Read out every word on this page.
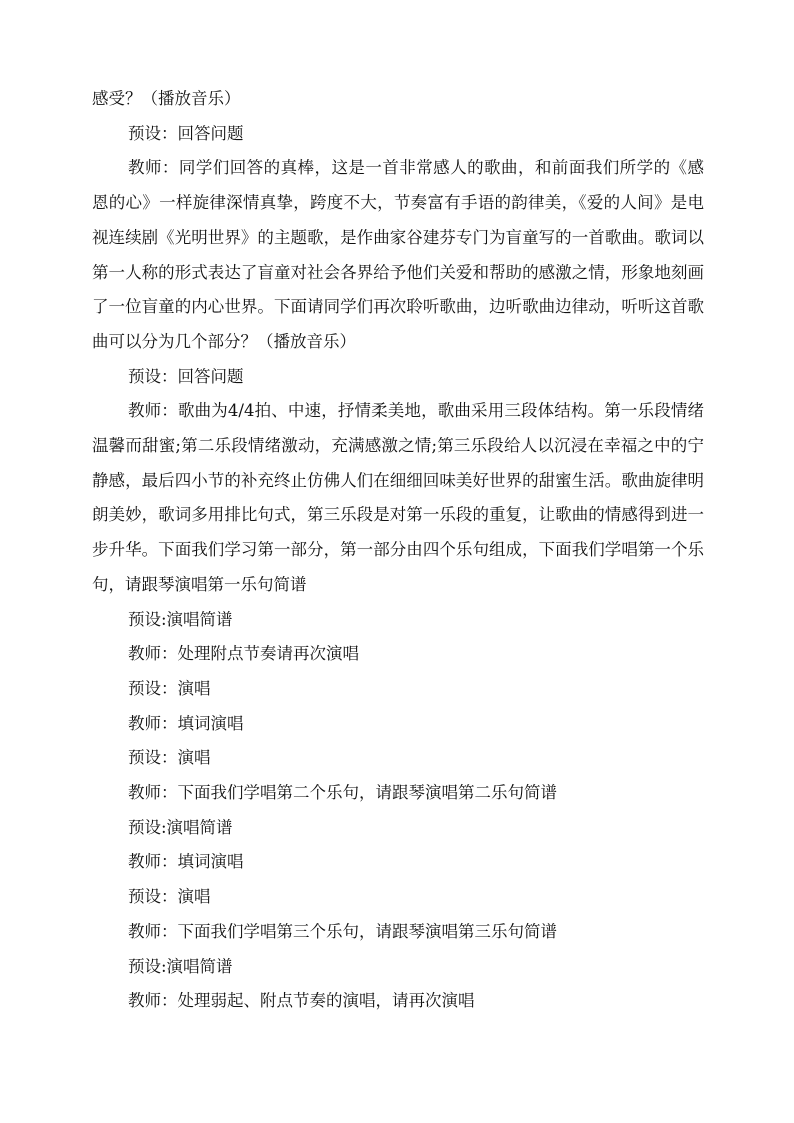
感受？（播放音乐）

预设：回答问题

教师：同学们回答的真棒，这是一首非常感人的歌曲，和前面我们所学的《感恩的心》一样旋律深情真挚，跨度不大，节奏富有手语的韵律美，《爱的人间》是电视连续剧《光明世界》的主题歌，是作曲家谷建芬专门为盲童写的一首歌曲。歌词以第一人称的形式表达了盲童对社会各界给予他们关爱和帮助的感激之情，形象地刻画了一位盲童的内心世界。下面请同学们再次聆听歌曲，边听歌曲边律动，听听这首歌曲可以分为几个部分？（播放音乐）

预设：回答问题

教师：歌曲为4/4拍、中速，抒情柔美地，歌曲采用三段体结构。第一乐段情绪温馨而甜蜜;第二乐段情绪激动，充满感激之情;第三乐段给人以沉浸在幸福之中的宁静感，最后四小节的补充终止仿佛人们在细细回味美好世界的甜蜜生活。歌曲旋律明朗美妙，歌词多用排比句式，第三乐段是对第一乐段的重复，让歌曲的情感得到进一步升华。下面我们学习第一部分，第一部分由四个乐句组成，下面我们学唱第一个乐句，请跟琴演唱第一乐句简谱

预设:演唱简谱

教师：处理附点节奏请再次演唱

预设：演唱

教师：填词演唱

预设：演唱

教师：下面我们学唱第二个乐句，请跟琴演唱第二乐句简谱

预设:演唱简谱

教师：填词演唱

预设：演唱

教师：下面我们学唱第三个乐句，请跟琴演唱第三乐句简谱

预设:演唱简谱

教师：处理弱起、附点节奏的演唱，请再次演唱
